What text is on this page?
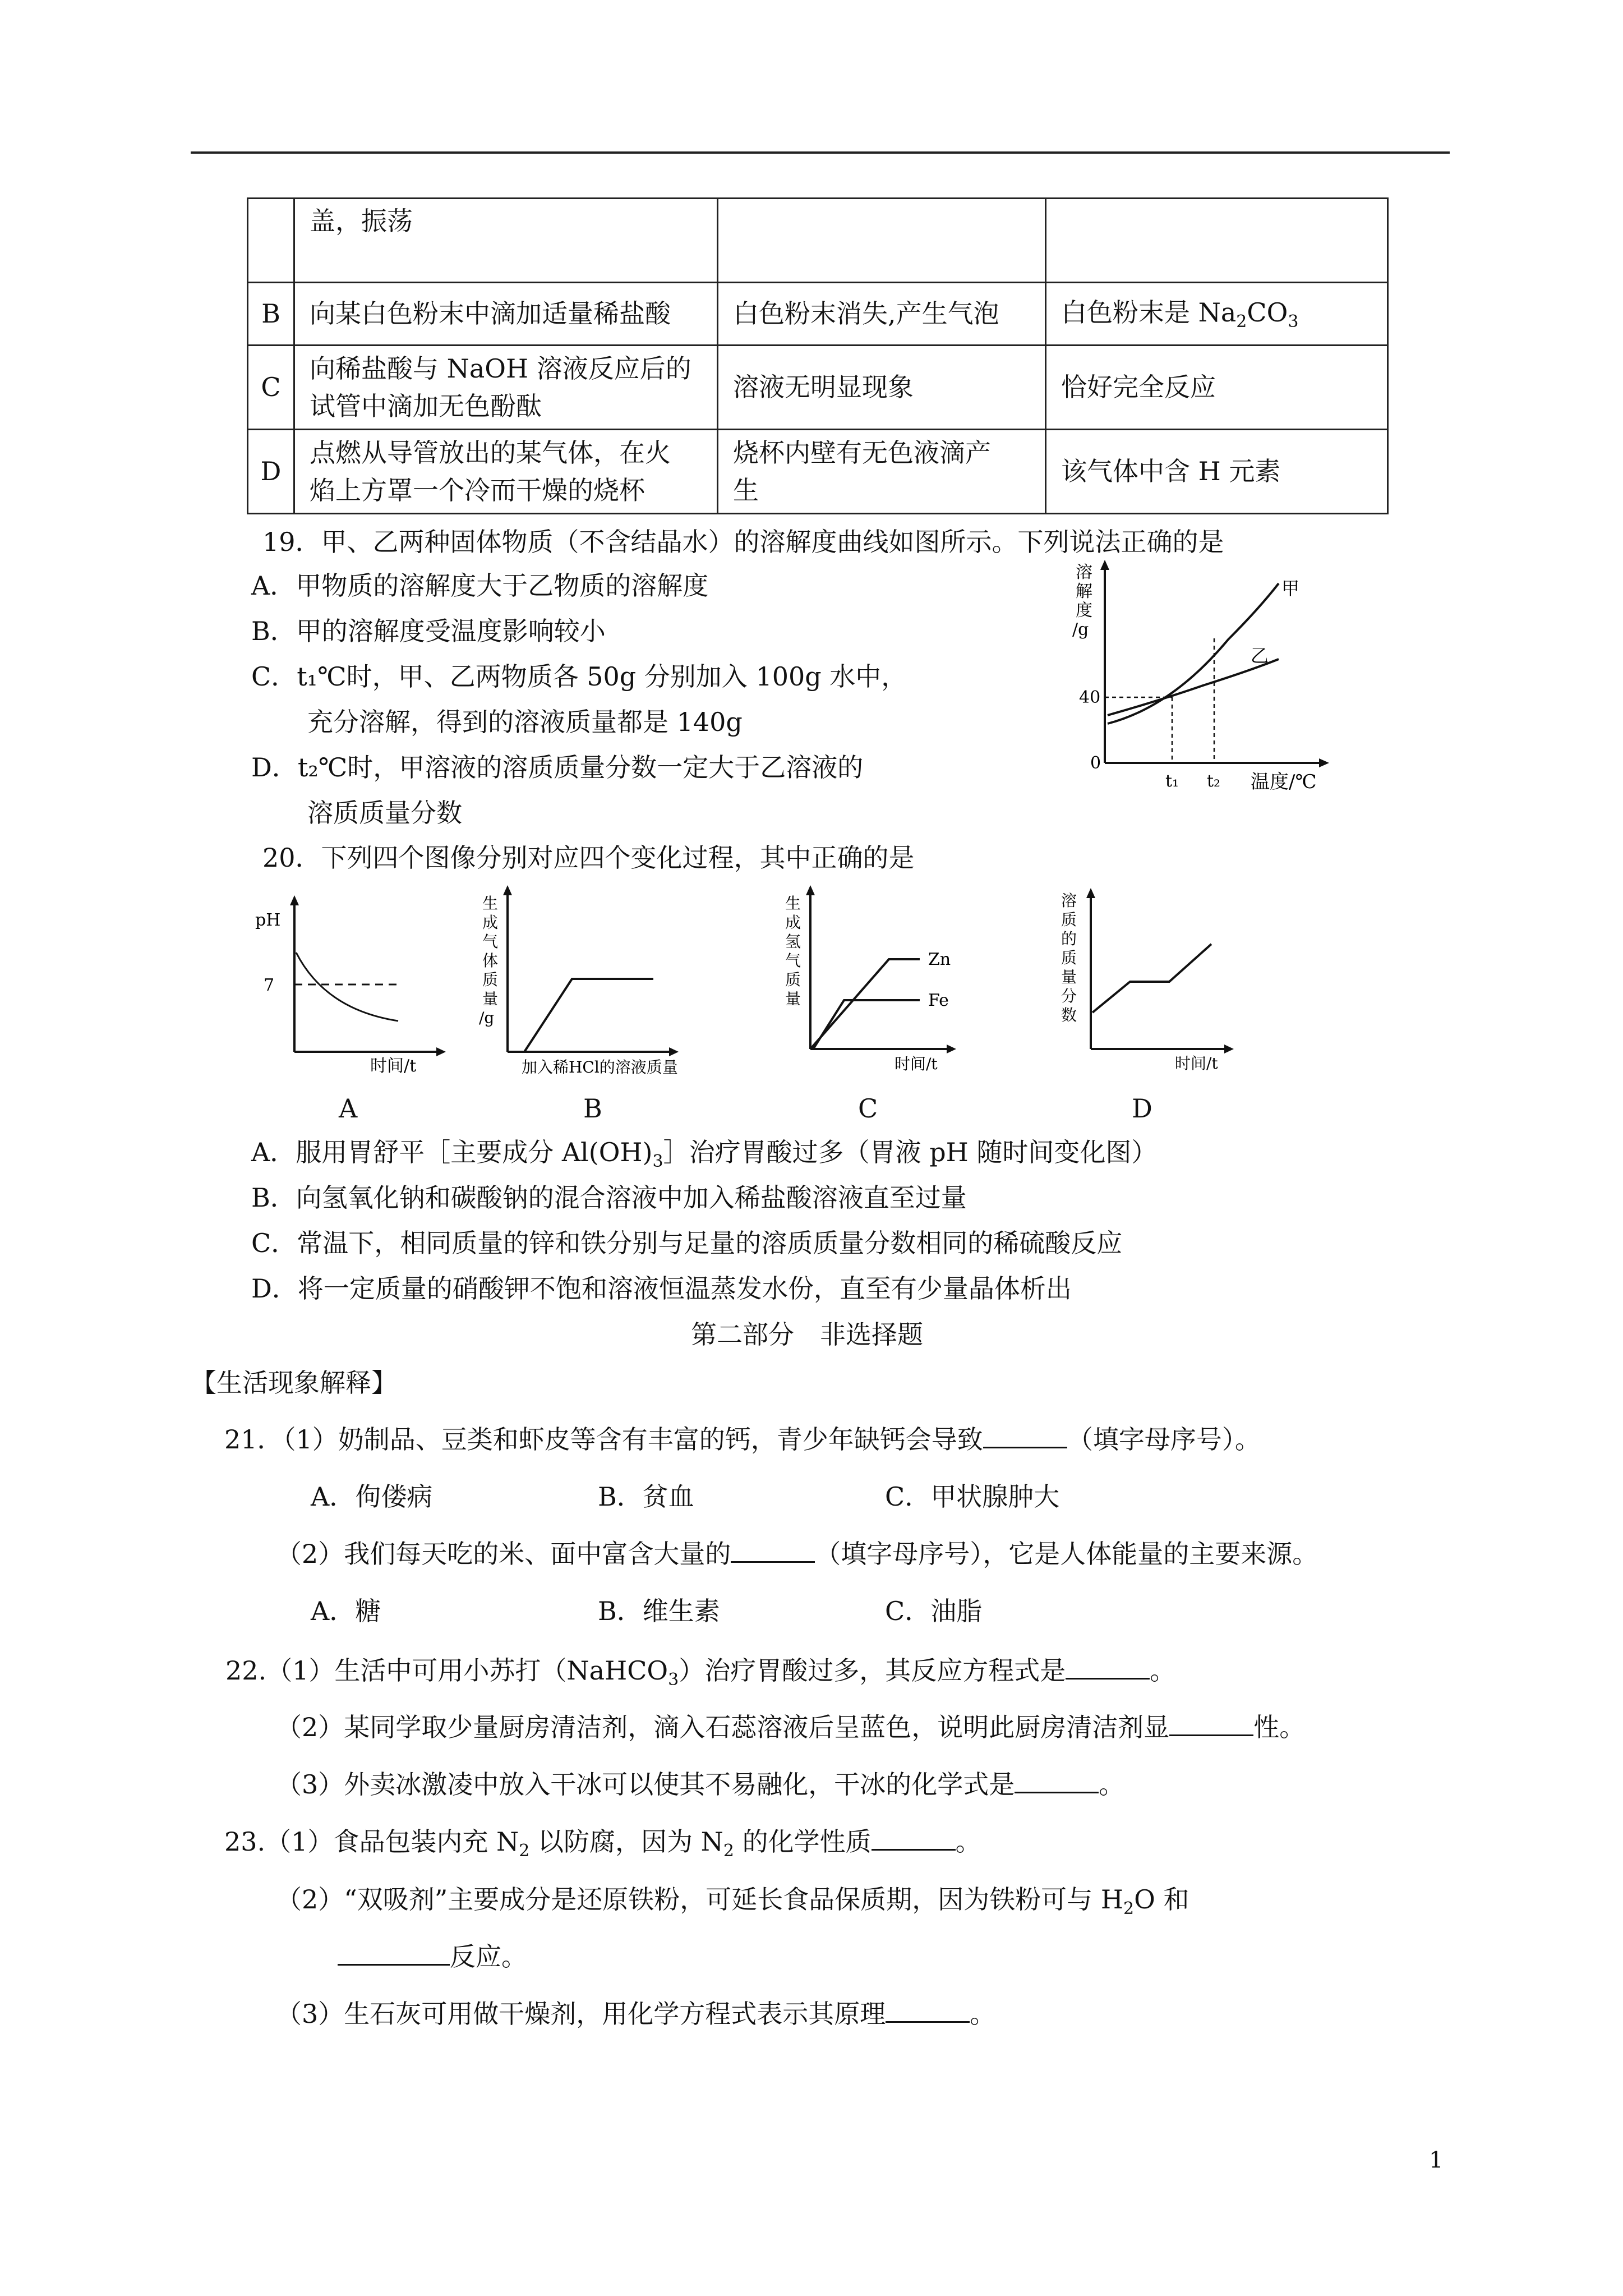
	盖，振荡		
B	向某白色粉末中滴加适量稀盐酸	白色粉末消失,产生气泡	白色粉末是 $Na_2CO_3$
C	向稀盐酸与 NaOH 溶液反应后的
试管中滴加无色酚酞	溶液无明显现象	恰好完全反应
D	点燃从导管放出的某气体，在火
焰上方罩一个冷而干燥的烧杯	烧杯内壁有无色液滴产
生	该气体中含 H 元素
19．甲、乙两种固体物质（不含结晶水）的溶解度曲线如图所示。下列说法正确的是
A．甲物质的溶解度大于乙物质的溶解度
B．甲的溶解度受温度影响较小
C．t₁℃时，甲、乙两物质各 50g 分别加入 100g 水中，
充分溶解，得到的溶液质量都是 140g
D．t₂℃时，甲溶液的溶质质量分数一定大于乙溶液的
溶质质量分数
溶
解
度
/g
40
0
t₁ t₂ 温度/℃
甲
乙
20．下列四个图像分别对应四个变化过程，其中正确的是
pH
7
时间/t
生
成
气
体
质
量
/g
加入稀HCl的溶液质量
生
成
氢
气
质
量
Zn
Fe
时间/t
溶
质
的
质
量
分
数
时间/t
A	B	C	D
A．服用胃舒平［主要成分 $Al(OH)_3]$治疗胃酸过多（胃液 pH 随时间变化图）
B．向氢氧化钠和碳酸钠的混合溶液中加入稀盐酸溶液直至过量
C．常温下，相同质量的锌和铁分别与足量的溶质质量分数相同的稀硫酸反应
D．将一定质量的硝酸钾不饱和溶液恒温蒸发水份，直至有少量晶体析出
第二部分　非选择题
【生活现象解释】
21．（1）奶制品、豆类和虾皮等含有丰富的钙，青少年缺钙会导致	（填字母序号）。
A．佝偻病	B．贫血	C．甲状腺肿大
（2）我们每天吃的米、面中富含大量的	（填字母序号），它是人体能量的主要来源。
A．糖	B．维生素	C．油脂
22.（1）生活中可用小苏打（NaHCO$_3$）治疗胃酸过多，其反应方程式是	。
（2）某同学取少量厨房清洁剂，滴入石蕊溶液后呈蓝色，说明此厨房清洁剂显	性。
（3）外卖冰激凌中放入干冰可以使其不易融化，干冰的化学式是	。
23.（1）食品包装内充 $N_2$ 以防腐，因为 $N_2$ 的化学性质	。
（2）“双吸剂”主要成分是还原铁粉，可延长食品保质期，因为铁粉可与 $H_2O$ 和
反应。
（3）生石灰可用做干燥剂，用化学方程式表示其原理	。
1
